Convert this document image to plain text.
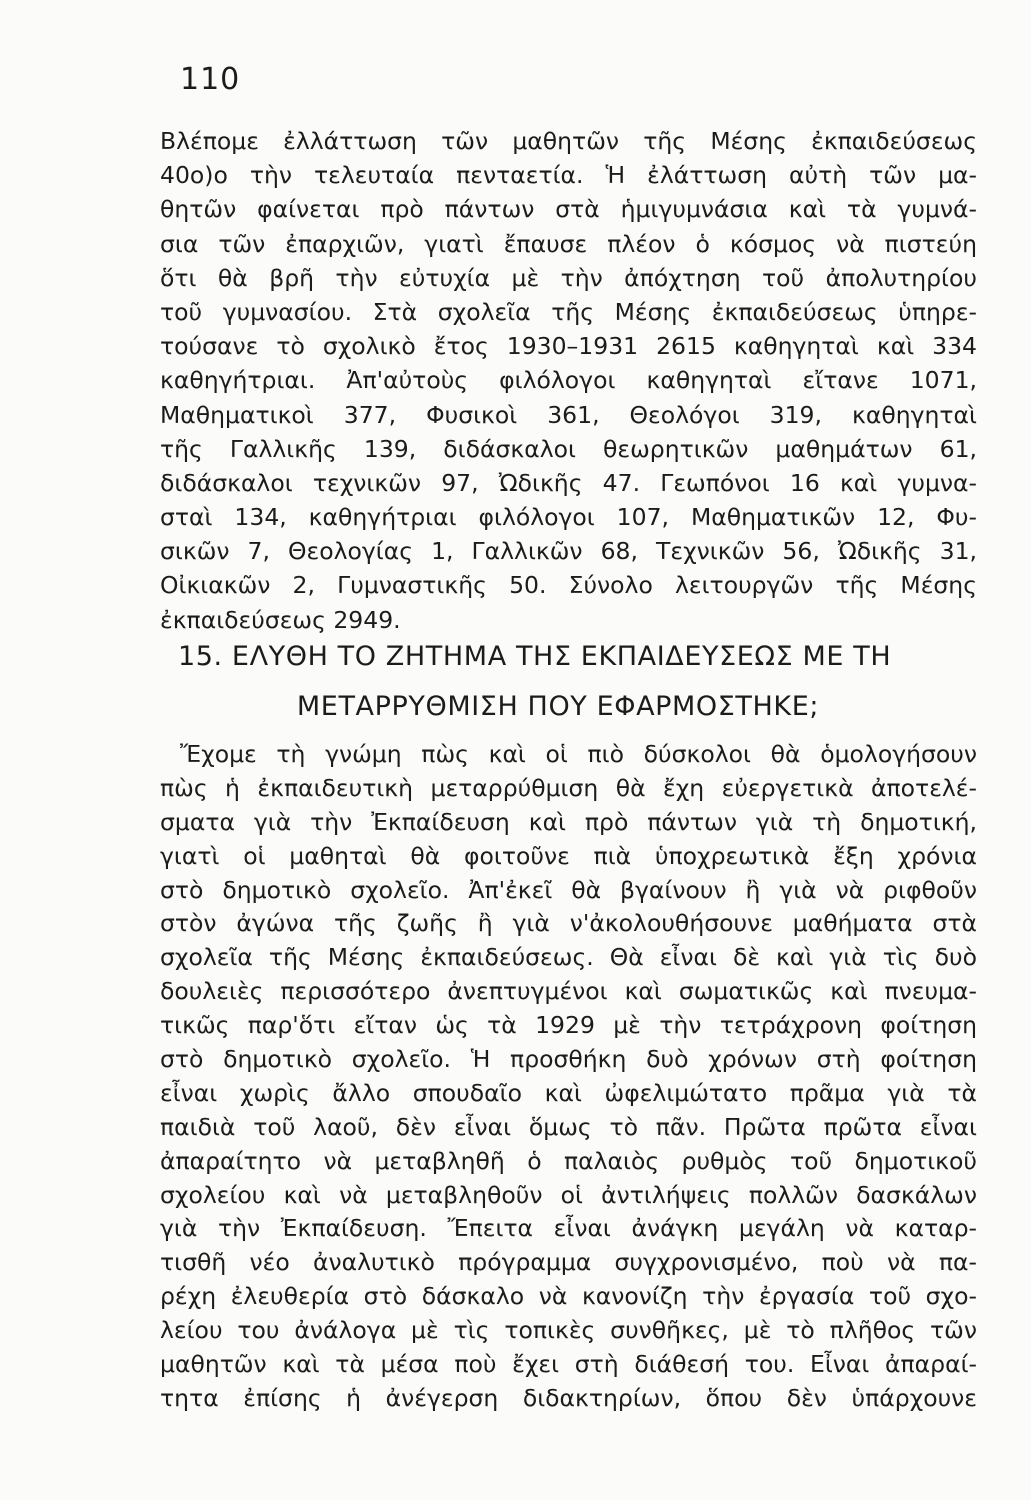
110
Βλέπομε ἐλλάττωση τῶν μαθητῶν τῆς Μέσης ἐκπαιδεύσεως
40ο)ο τὴν τελευταία πενταετία. Ἡ ἐλάττωση αὐτὴ τῶν μα-
θητῶν φαίνεται πρὸ πάντων στὰ ἡμιγυμνάσια καὶ τὰ γυμνά-
σια τῶν ἐπαρχιῶν, γιατὶ ἔπαυσε πλέον ὁ κόσμος νὰ πιστεύη
ὅτι θὰ βρῆ τὴν εὐτυχία μὲ τὴν ἀπόχτηση τοῦ ἀπολυτηρίου
τοῦ γυμνασίου. Στὰ σχολεῖα τῆς Μέσης ἐκπαιδεύσεως ὑπηρε-
τούσανε τὸ σχολικὸ ἔτος 1930–1931 2615 καθηγηταὶ καὶ 334
καθηγήτριαι. Ἀπ'αὐτοὺς φιλόλογοι καθηγηταὶ εἴτανε 1071,
Μαθηματικοὶ 377, Φυσικοὶ 361, Θεολόγοι 319, καθηγηταὶ
τῆς Γαλλικῆς 139, διδάσκαλοι θεωρητικῶν μαθημάτων 61,
διδάσκαλοι τεχνικῶν 97, Ὠδικῆς 47. Γεωπόνοι 16 καὶ γυμνα-
σταὶ 134, καθηγήτριαι φιλόλογοι 107, Μαθηματικῶν 12, Φυ-
σικῶν 7, Θεολογίας 1, Γαλλικῶν 68, Τεχνικῶν 56, Ὠδικῆς 31,
Οἰκιακῶν 2, Γυμναστικῆς 50. Σύνολο λειτουργῶν τῆς Μέσης
ἐκπαιδεύσεως 2949.
15. ΕΛΥΘΗ ΤΟ ΖΗΤΗΜΑ ΤΗΣ ΕΚΠΑΙΔΕΥΣΕΩΣ ΜΕ ΤΗ
ΜΕΤΑΡΡΥΘΜΙΣΗ ΠΟΥ ΕΦΑΡΜΟΣΤΗΚΕ;
Ἔχομε τὴ γνώμη πὼς καὶ οἱ πιὸ δύσκολοι θὰ ὁμολογήσουν
πὼς ἡ ἐκπαιδευτικὴ μεταρρύθμιση θὰ ἔχη εὐεργετικὰ ἀποτελέ-
σματα γιὰ τὴν Ἐκπαίδευση καὶ πρὸ πάντων γιὰ τὴ δημοτική,
γιατὶ οἱ μαθηταὶ θὰ φοιτοῦνε πιὰ ὑποχρεωτικὰ ἔξη χρόνια
στὸ δημοτικὸ σχολεῖο. Ἀπ'ἐκεῖ θὰ βγαίνουν ἢ γιὰ νὰ ριφθοῦν
στὸν ἀγώνα τῆς ζωῆς ἢ γιὰ ν'ἀκολουθήσουνε μαθήματα στὰ
σχολεῖα τῆς Μέσης ἐκπαιδεύσεως. Θὰ εἶναι δὲ καὶ γιὰ τὶς δυὸ
δουλειὲς περισσότερο ἀνεπτυγμένοι καὶ σωματικῶς καὶ πνευμα-
τικῶς παρ'ὅτι εἴταν ὡς τὰ 1929 μὲ τὴν τετράχρονη φοίτηση
στὸ δημοτικὸ σχολεῖο. Ἡ προσθήκη δυὸ χρόνων στὴ φοίτηση
εἶναι χωρὶς ἄλλο σπουδαῖο καὶ ὠφελιμώτατο πρᾶμα γιὰ τὰ
παιδιὰ τοῦ λαοῦ, δὲν εἶναι ὅμως τὸ πᾶν. Πρῶτα πρῶτα εἶναι
ἀπαραίτητο νὰ μεταβληθῆ ὁ παλαιὸς ρυθμὸς τοῦ δημοτικοῦ
σχολείου καὶ νὰ μεταβληθοῦν οἱ ἀντιλήψεις πολλῶν δασκάλων
γιὰ τὴν Ἐκπαίδευση. Ἔπειτα εἶναι ἀνάγκη μεγάλη νὰ καταρ-
τισθῆ νέο ἀναλυτικὸ πρόγραμμα συγχρονισμένο, ποὺ νὰ πα-
ρέχη ἐλευθερία στὸ δάσκαλο νὰ κανονίζη τὴν ἐργασία τοῦ σχο-
λείου του ἀνάλογα μὲ τὶς τοπικὲς συνθῆκες, μὲ τὸ πλῆθος τῶν
μαθητῶν καὶ τὰ μέσα ποὺ ἔχει στὴ διάθεσή του. Εἶναι ἀπαραί-
τητα ἐπίσης ἡ ἀνέγερση διδακτηρίων, ὅπου δὲν ὑπάρχουνε
